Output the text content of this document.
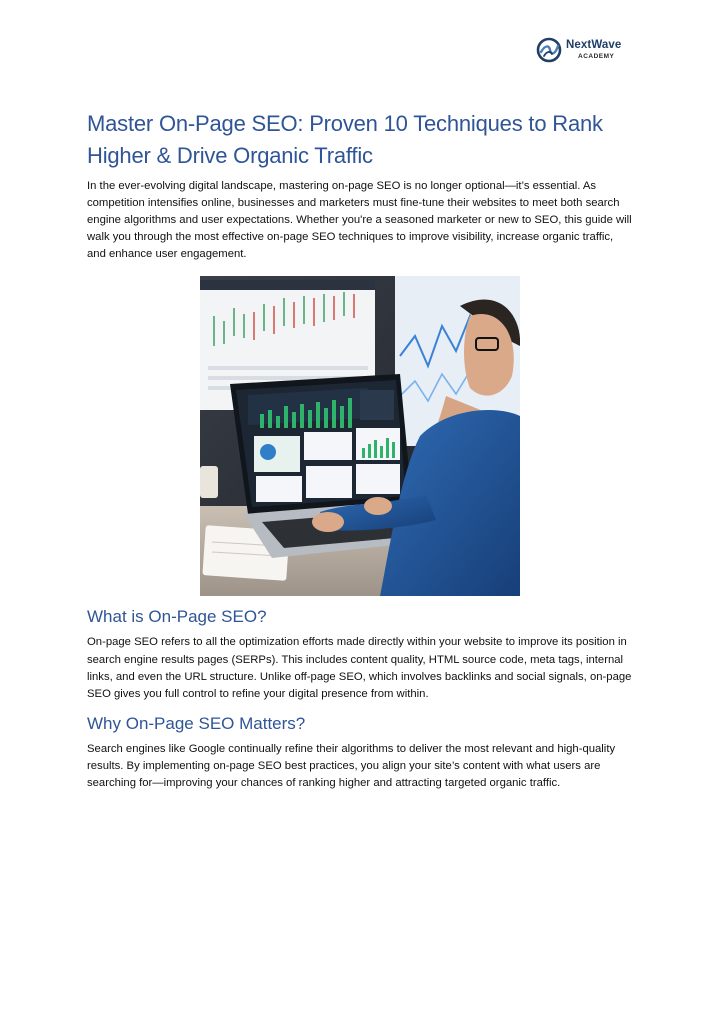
NextWave
ACADEMY
Master On-Page SEO: Proven 10 Techniques to Rank Higher & Drive Organic Traffic

In the ever-evolving digital landscape, mastering on-page SEO is no longer optional—it’s essential. As competition intensifies online, businesses and marketers must fine-tune their websites to meet both search engine algorithms and user expectations. Whether you're a seasoned marketer or new to SEO, this guide will walk you through the most effective on-page SEO techniques to improve visibility, increase organic traffic, and enhance user engagement.

What is On-Page SEO?

On-page SEO refers to all the optimization efforts made directly within your website to improve its position in search engine results pages (SERPs). This includes content quality, HTML source code, meta tags, internal links, and even the URL structure. Unlike off-page SEO, which involves backlinks and social signals, on-page SEO gives you full control to refine your digital presence from within.

Why On-Page SEO Matters?

Search engines like Google continually refine their algorithms to deliver the most relevant and high-quality results. By implementing on-page SEO best practices, you align your site’s content with what users are searching for—improving your chances of ranking higher and attracting targeted organic traffic.
